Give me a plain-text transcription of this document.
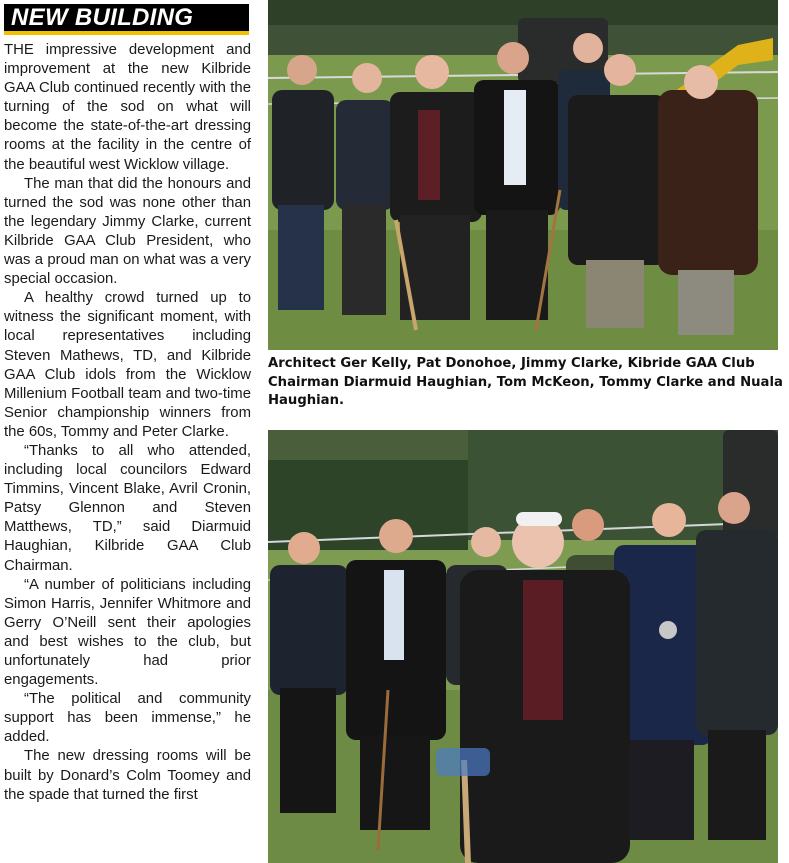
NEW BUILDING

THE impressive development and improvement at the new Kilbride GAA Club continued recently with the turning of the sod on what will become the state-of-the-art dressing rooms at the facility in the centre of the beautiful west Wicklow village.

The man that did the honours and turned the sod was none other than the legendary Jimmy Clarke, current Kilbride GAA Club President, who was a proud man on what was a very special occasion.

A healthy crowd turned up to witness the significant moment, with local representatives including Steven Mathews, TD, and Kilbride GAA Club idols from the Wicklow Millenium Football team and two-time Senior championship winners from the 60s, Tommy and Peter Clarke.

“Thanks to all who attended, including local councilors Edward Timmins, Vincent Blake, Avril Cronin, Patsy Glennon and Steven Matthews, TD,” said Diarmuid Haughian, Kilbride GAA Club Chairman.

“A number of politicians including Simon Harris, Jennifer Whitmore and Gerry O’Neill sent their apologies and best wishes to the club, but unfortunately had prior engagements.

“The political and community support has been immense,” he added.

The new dressing rooms will be built by Donard’s Colm Toomey and the spade that turned the first

Architect Ger Kelly, Pat Donohoe, Jimmy Clarke, Kibride GAA Club Chairman Diarmuid Haughian, Tom McKeon, Tommy Clarke and Nuala Haughian.
